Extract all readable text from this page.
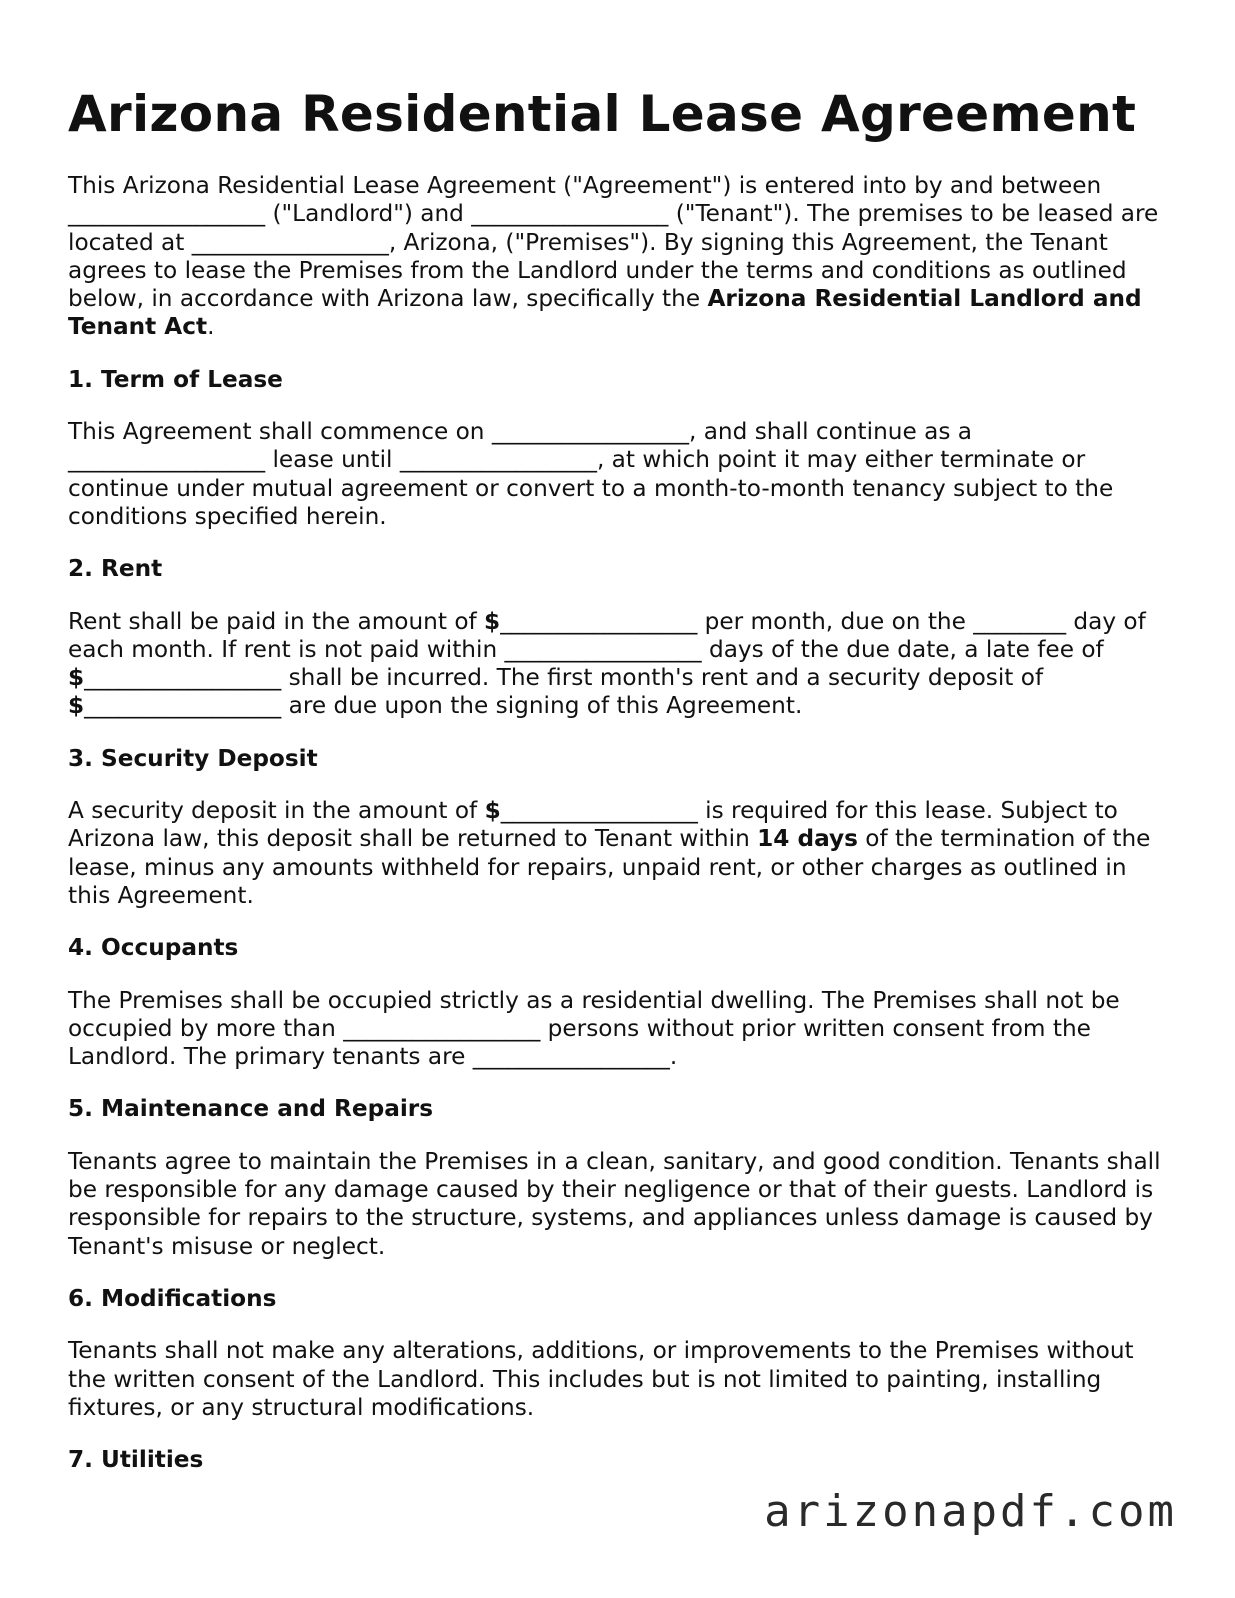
Arizona Residential Lease Agreement

This Arizona Residential Lease Agreement ("Agreement") is entered into by and between _________________ ("Landlord") and _________________ ("Tenant"). The premises to be leased are located at _________________, Arizona, ("Premises"). By signing this Agreement, the Tenant agrees to lease the Premises from the Landlord under the terms and conditions as outlined below, in accordance with Arizona law, specifically the Arizona Residential Landlord and Tenant Act.

1. Term of Lease

This Agreement shall commence on _________________, and shall continue as a _________________ lease until _________________, at which point it may either terminate or continue under mutual agreement or convert to a month-to-month tenancy subject to the conditions specified herein.

2. Rent

Rent shall be paid in the amount of $_________________ per month, due on the ________ day of each month. If rent is not paid within _________________ days of the due date, a late fee of $_________________ shall be incurred. The first month's rent and a security deposit of $_________________ are due upon the signing of this Agreement.

3. Security Deposit

A security deposit in the amount of $_________________ is required for this lease. Subject to Arizona law, this deposit shall be returned to Tenant within 14 days of the termination of the lease, minus any amounts withheld for repairs, unpaid rent, or other charges as outlined in this Agreement.

4. Occupants

The Premises shall be occupied strictly as a residential dwelling. The Premises shall not be occupied by more than _________________ persons without prior written consent from the Landlord. The primary tenants are _________________.

5. Maintenance and Repairs

Tenants agree to maintain the Premises in a clean, sanitary, and good condition. Tenants shall be responsible for any damage caused by their negligence or that of their guests. Landlord is responsible for repairs to the structure, systems, and appliances unless damage is caused by Tenant's misuse or neglect.

6. Modifications

Tenants shall not make any alterations, additions, or improvements to the Premises without the written consent of the Landlord. This includes but is not limited to painting, installing fixtures, or any structural modifications.

7. Utilities
arizonapdf.com
